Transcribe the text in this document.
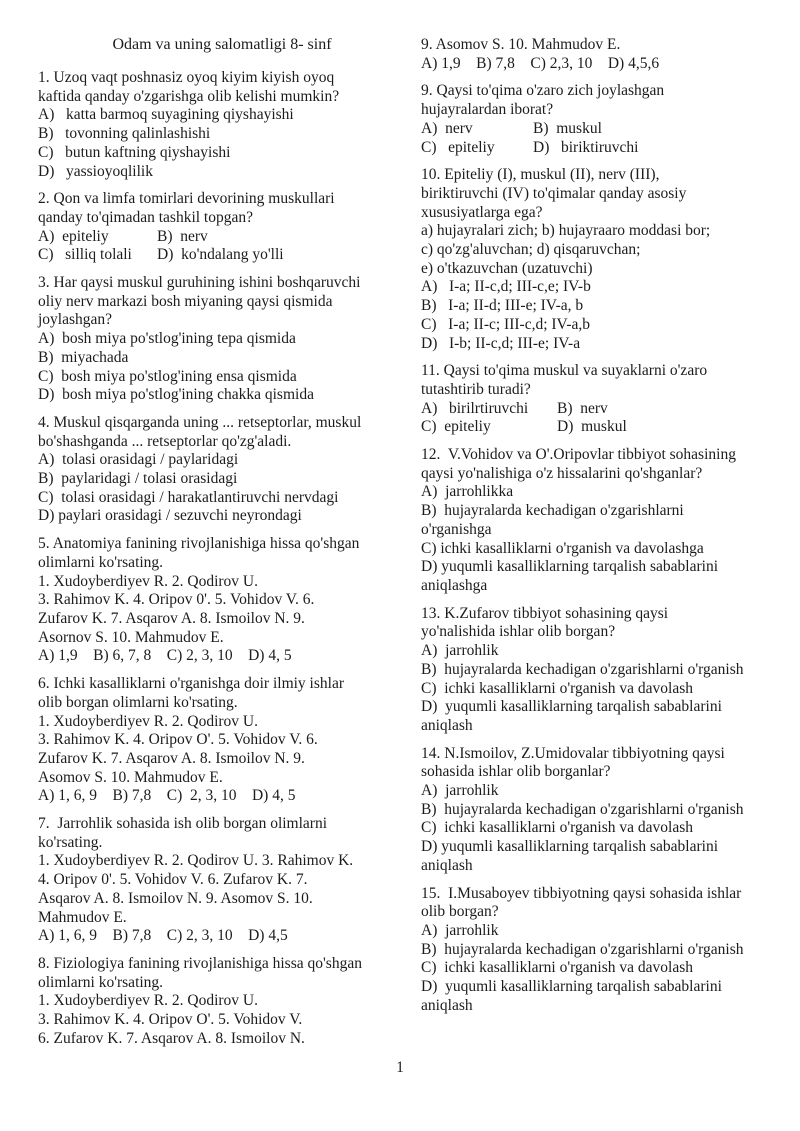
Odam va uning salomatligi 8- sinf
1. Uzoq vaqt poshnasiz oyoq kiyim kiyish oyoq
kaftida qanday o'zgarishga olib kelishi mumkin?
A)   katta barmoq suyagining qiyshayishi
B)   tovonning qalinlashishi
C)   butun kaftning qiyshayishi
D)   yassioyoqlilik
2. Qon va limfa tomirlari devorining muskullari
qanday to'qimadan tashkil topgan?
A)  epiteliy	B)  nerv
C)   silliq tolali D)  ko'ndalang yo'lli
3. Har qaysi muskul guruhining ishini boshqaruvchi
oliy nerv markazi bosh miyaning qaysi qismida
joylashgan?
A)  bosh miya po'stlog'ining tepa qismida
B)  miyachada
C)  bosh miya po'stlog'ining ensa qismida
D)  bosh miya po'stlog'ining chakka qismida
4. Muskul qisqarganda uning ... retseptorlar, muskul
bo'shashganda ... retseptorlar qo'zg'aladi.
A)  tolasi orasidagi / paylaridagi
B)  paylaridagi / tolasi orasidagi
C)  tolasi orasidagi / harakatlantiruvchi nervdagi
D) paylari orasidagi / sezuvchi neyrondagi
5. Anatomiya fanining rivojlanishiga hissa qo'shgan
olimlarni ko'rsating.
1. Xudoyberdiyev R. 2. Qodirov U.
3. Rahimov K. 4. Oripov 0'. 5. Vohidov V. 6.
Zufarov K. 7. Asqarov A. 8. Ismoilov N. 9.
Asornov S. 10. Mahmudov E.
A) 1,9    B) 6, 7, 8    C) 2, 3, 10    D) 4, 5
6. Ichki kasalliklarni o'rganishga doir ilmiy ishlar
olib borgan olimlarni ko'rsating.
1. Xudoyberdiyev R. 2. Qodirov U.
3. Rahimov K. 4. Oripov O'. 5. Vohidov V. 6.
Zufarov K. 7. Asqarov A. 8. Ismoilov N. 9.
Asomov S. 10. Mahmudov E.
A) 1, 6, 9    B) 7,8    C)  2, 3, 10    D) 4, 5
7.  Jarrohlik sohasida ish olib borgan olimlarni
ko'rsating.
1. Xudoyberdiyev R. 2. Qodirov U. 3. Rahimov K.
4. Oripov 0'. 5. Vohidov V. 6. Zufarov K. 7.
Asqarov A. 8. Ismoilov N. 9. Asomov S. 10.
Mahmudov E.
A) 1, 6, 9    B) 7,8    C) 2, 3, 10    D) 4,5
8. Fiziologiya fanining rivojlanishiga hissa qo'shgan
olimlarni ko'rsating.
1. Xudoyberdiyev R. 2. Qodirov U.
3. Rahimov K. 4. Oripov O'. 5. Vohidov V.
6. Zufarov K. 7. Asqarov A. 8. Ismoilov N.
9. Asomov S. 10. Mahmudov E.
A) 1,9    B) 7,8    C) 2,3, 10    D) 4,5,6
9. Qaysi to'qima o'zaro zich joylashgan
hujayralardan iborat?
A)  nerv	B)  muskul
C)   epiteliy D)   biriktiruvchi
10. Epiteliy (I), muskul (II), nerv (III),
biriktiruvchi (IV) to'qimalar qanday asosiy
xususiyatlarga ega?
a) hujayralari zich; b) hujayraaro moddasi bor;
c) qo'zg'aluvchan; d) qisqaruvchan;
e) o'tkazuvchan (uzatuvchi)
A)   I-a; II-c,d; III-c,e; IV-b
B)   I-a; II-d; III-e; IV-a, b
C)   I-a; II-c; III-c,d; IV-a,b
D)   I-b; II-c,d; III-e; IV-a
11. Qaysi to'qima muskul va suyaklarni o'zaro
tutashtirib turadi?
A)   birilrtiruvchi B)  nerv
C)  epiteliy	D)  muskul
12.  V.Vohidov va O'.Oripovlar tibbiyot sohasining
qaysi yo'nalishiga o'z hissalarini qo'shganlar?
A)  jarrohlikka
B)  hujayralarda kechadigan o'zgarishlarni
o'rganishga
C) ichki kasalliklarni o'rganish va davolashga
D) yuqumli kasalliklarning tarqalish sabablarini
aniqlashga
13. K.Zufarov tibbiyot sohasining qaysi
yo'nalishida ishlar olib borgan?
A)  jarrohlik
B)  hujayralarda kechadigan o'zgarishlarni o'rganish
C)  ichki kasalliklarni o'rganish va davolash
D)  yuqumli kasalliklarning tarqalish sabablarini
aniqlash
14. N.Ismoilov, Z.Umidovalar tibbiyotning qaysi
sohasida ishlar olib borganlar?
A)  jarrohlik
B)  hujayralarda kechadigan o'zgarishlarni o'rganish
C)  ichki kasalliklarni o'rganish va davolash
D) yuqumli kasalliklarning tarqalish sabablarini
aniqlash
15.  I.Musaboyev tibbiyotning qaysi sohasida ishlar
olib borgan?
A)  jarrohlik
B)  hujayralarda kechadigan o'zgarishlarni o'rganish
C)  ichki kasalliklarni o'rganish va davolash
D)  yuqumli kasalliklarning tarqalish sabablarini
aniqlash
1
